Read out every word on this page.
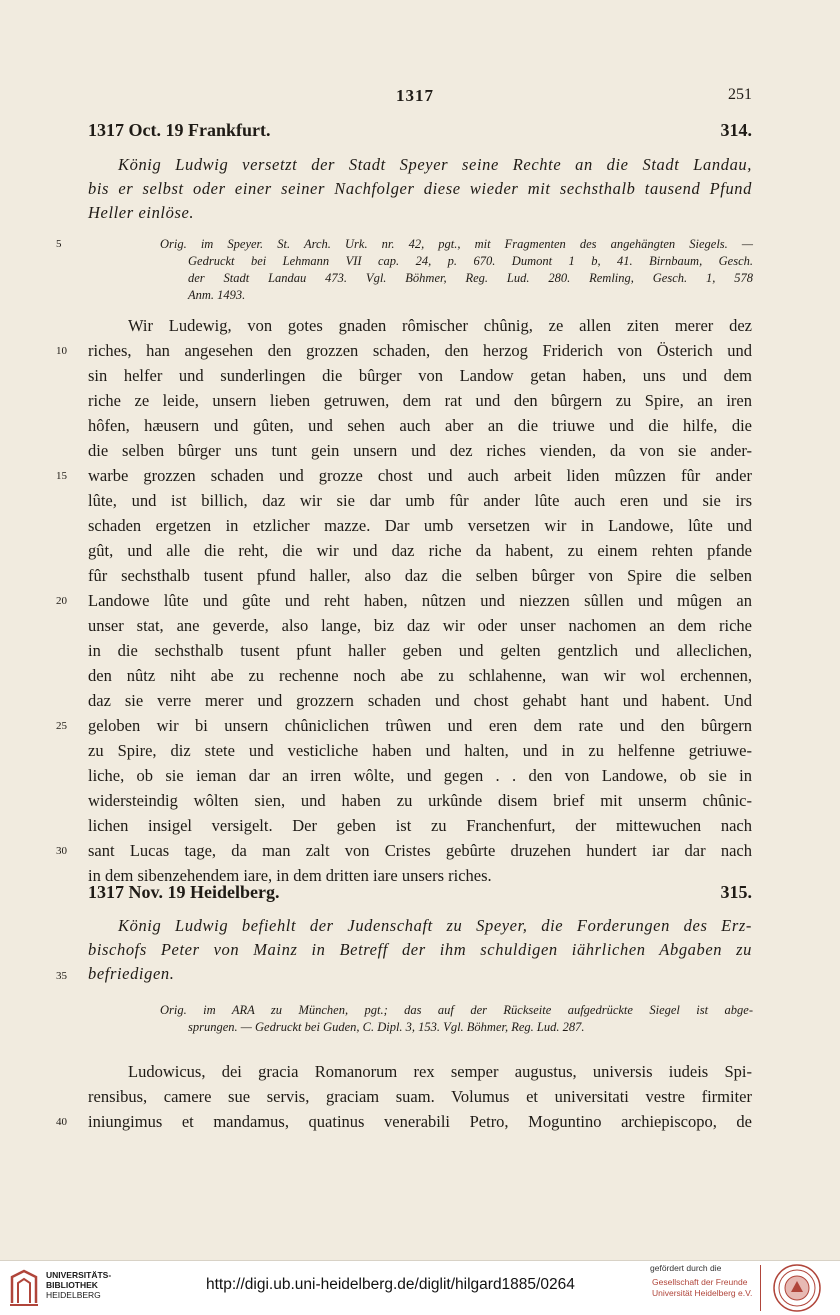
1317	251
1317 Oct. 19 Frankfurt.	314.
König Ludwig versetzt der Stadt Speyer seine Rechte an die Stadt Landau,
bis er selbst oder einer seiner Nachfolger diese wieder mit sechsthalb tausend Pfund
Heller einlöse.
Orig. im Speyer. St. Arch. Urk. nr. 42, pgt., mit Fragmenten des angehängten Siegels. —
Gedruckt bei Lehmann VII cap. 24, p. 670. Dumont 1 b, 41. Birnbaum, Gesch.
der Stadt Landau 473. Vgl. Böhmer, Reg. Lud. 280. Remling, Gesch. 1, 578
Anm. 1493.
Wir Ludewig, von gotes gnaden rômischer chûnig, ze allen ziten merer dez
riches, han angesehen den grozzen schaden, den herzog Friderich von Österich und
sin helfer und sunderlingen die bûrger von Landow getan haben, uns und dem
riche ze leide, unsern lieben getruwen, dem rat und den bûrgern zu Spire, an iren
hôfen, hæusern und gûten, und sehen auch aber an die triuwe und die hilfe, die
die selben bûrger uns tunt gein unsern und dez riches vienden, da von sie ander-
warbe grozzen schaden und grozze chost und auch arbeit liden mûzzen fûr ander
lûte, und ist billich, daz wir sie dar umb fûr ander lûte auch eren und sie irs
schaden ergetzen in etzlicher mazze. Dar umb versetzen wir in Landowe, lûte und
gût, und alle die reht, die wir und daz riche da habent, zu einem rehten pfande
fûr sechsthalb tusent pfund haller, also daz die selben bûrger von Spire die selben
Landowe lûte und gûte und reht haben, nûtzen und niezzen sûllen und mûgen an
unser stat, ane geverde, also lange, biz daz wir oder unser nachomen an dem riche
in die sechsthalb tusent pfunt haller geben und gelten gentzlich und alleclichen,
den nûtz niht abe zu rechenne noch abe zu schlahenne, wan wir wol erchennen,
daz sie verre merer und grozzern schaden und chost gehabt hant und habent. Und
geloben wir bi unsern chûniclichen trûwen und eren dem rate und den bûrgern
zu Spire, diz stete und vesticliche haben und halten, und in zu helfenne getriuwe-
liche, ob sie ieman dar an irren wôlte, und gegen . . den von Landowe, ob sie in
widersteindig wôlten sien, und haben zu urkûnde disem brief mit unserm chûnic-
lichen insigel versigelt. Der geben ist zu Franchenfurt, der mittewuchen nach
sant Lucas tage, da man zalt von Cristes gebûrte druzehen hundert iar dar nach
in dem sibenzehendem iare, in dem dritten iare unsers riches.
1317 Nov. 19 Heidelberg.	315.
König Ludwig befiehlt der Judenschaft zu Speyer, die Forderungen des Erz-
bischofs Peter von Mainz in Betreff der ihm schuldigen iährlichen Abgaben zu
befriedigen.
Orig. im ARA zu München, pgt.; das auf der Rückseite aufgedrückte Siegel ist abge-
sprungen. — Gedruckt bei Guden, C. Dipl. 3, 153. Vgl. Böhmer, Reg. Lud. 287.
Ludowicus, dei gracia Romanorum rex semper augustus, universis iudeis Spi-
rensibus, camere sue servis, graciam suam. Volumus et universitati vestre firmiter
iniungimus et mandamus, quatinus venerabili Petro, Moguntino archiepiscopo, de
5
10
15
20
25
30
35
40
UNIVERSITÄTS-
BIBLIOTHEK
HEIDELBERG
http://digi.ub.uni-heidelberg.de/diglit/hilgard1885/0264
gefördert durch die
Gesellschaft der Freunde
Universität Heidelberg e.V.
